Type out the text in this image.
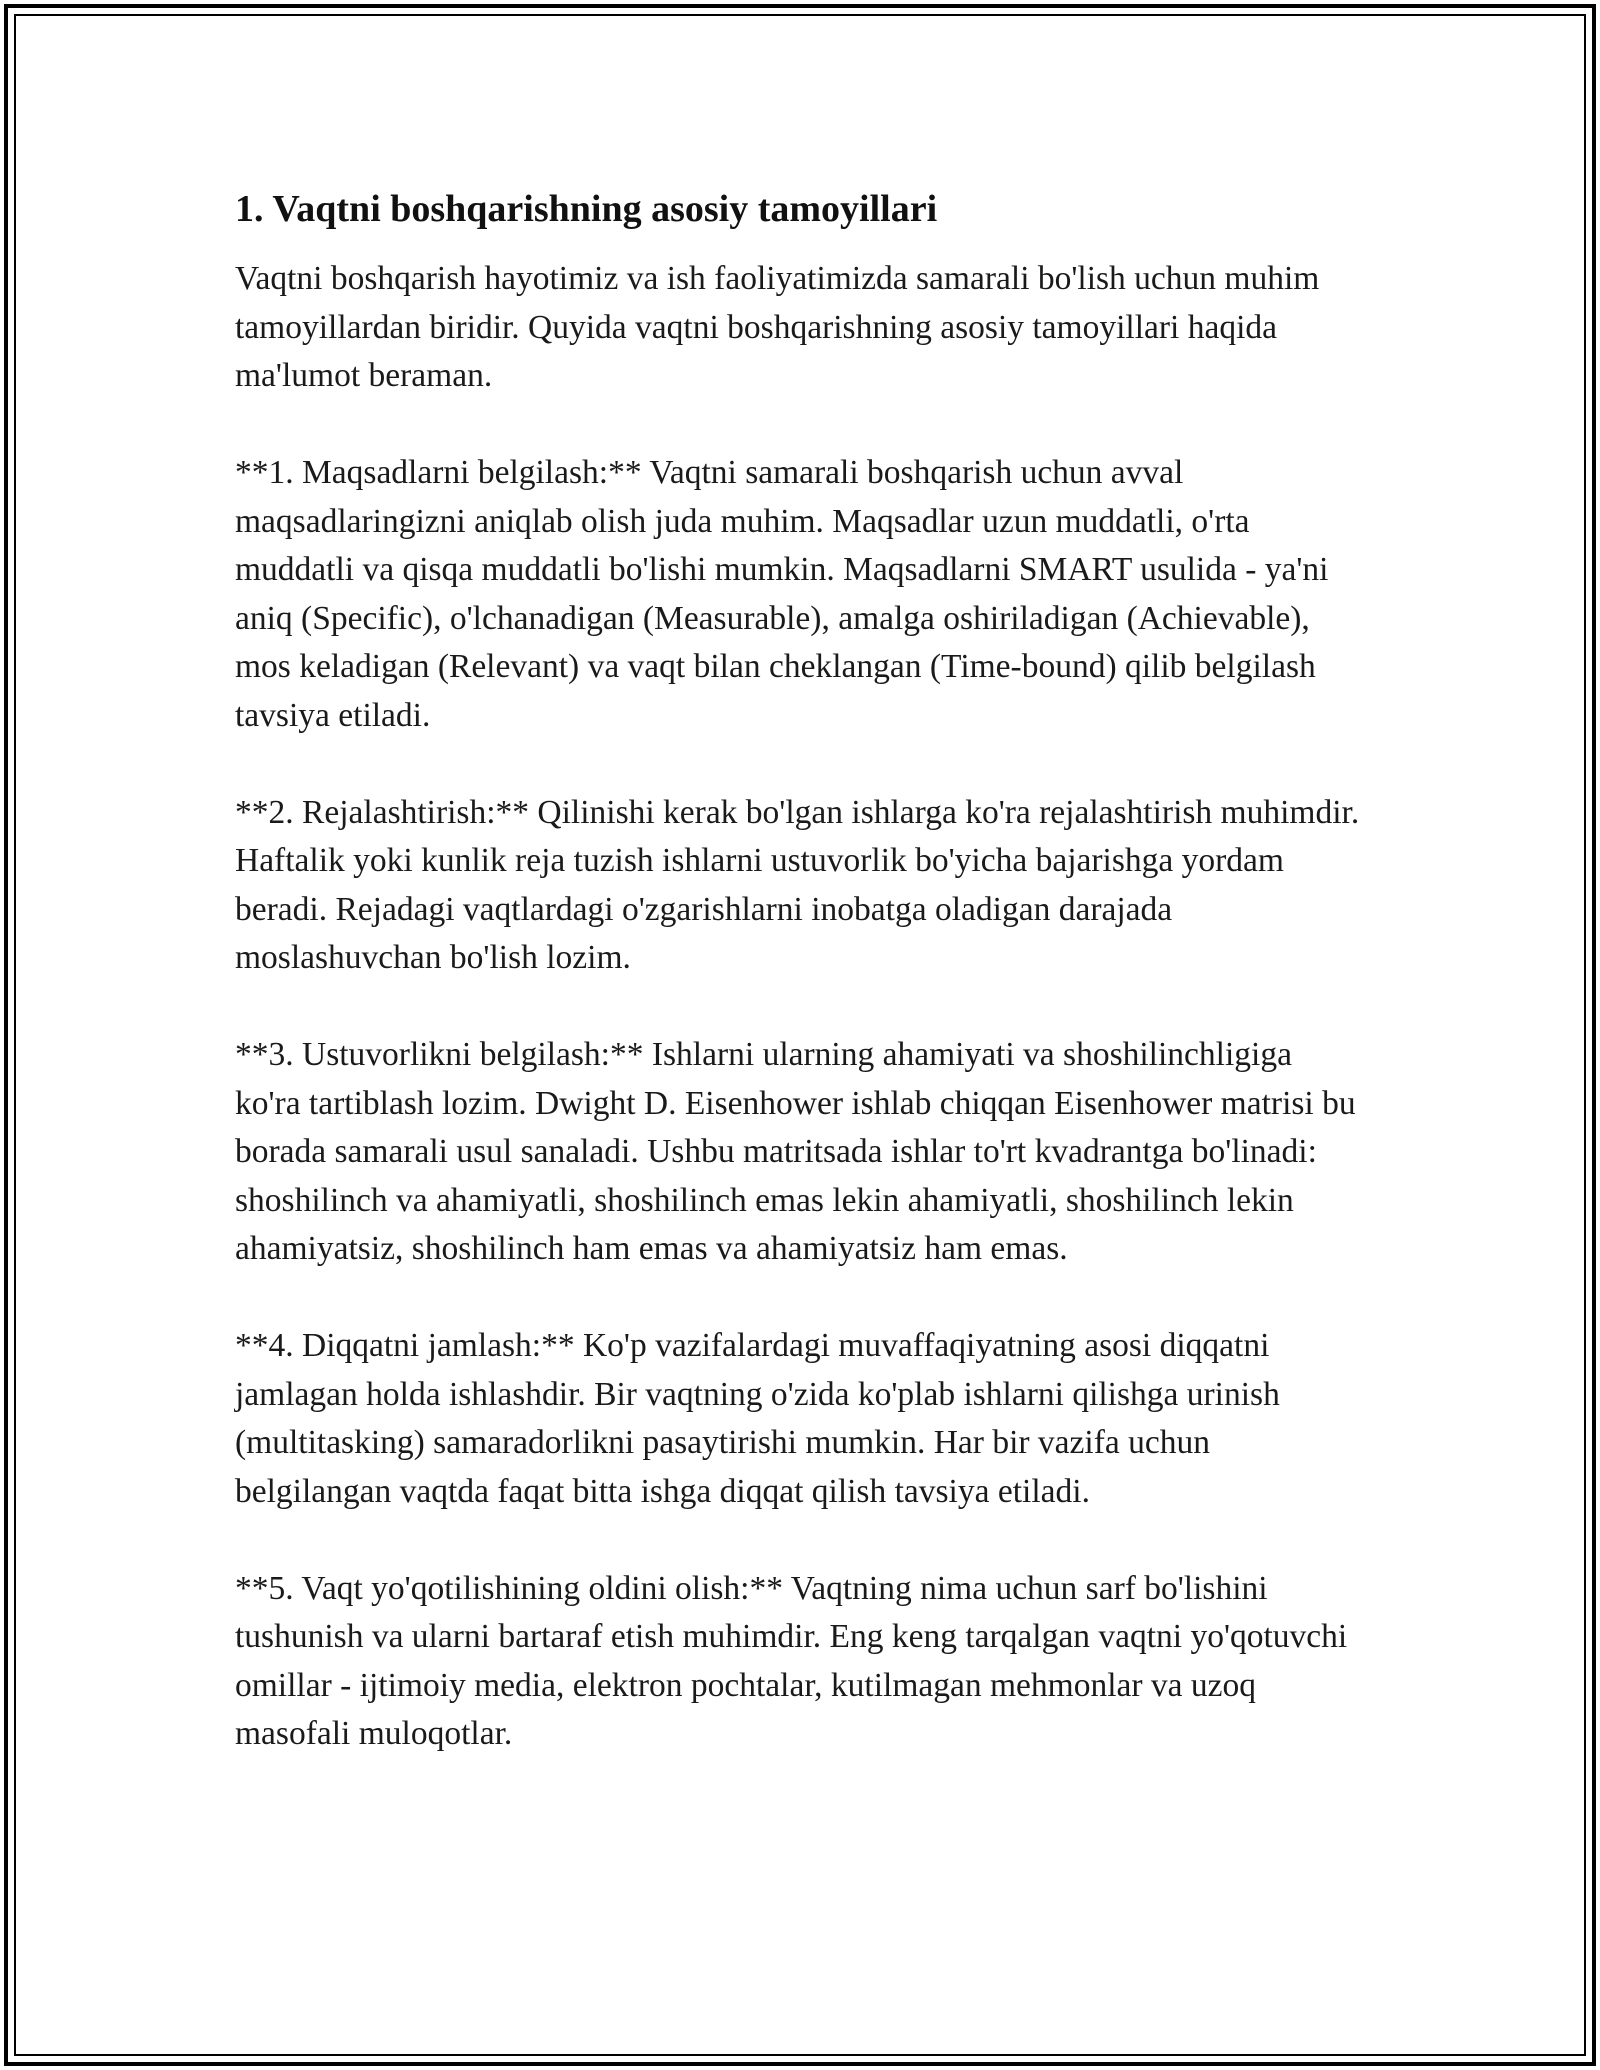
1. Vaqtni boshqarishning asosiy tamoyillari

Vaqtni boshqarish hayotimiz va ish faoliyatimizda samarali bo'lish uchun muhim tamoyillardan biridir. Quyida vaqtni boshqarishning asosiy tamoyillari haqida ma'lumot beraman.

**1. Maqsadlarni belgilash:** Vaqtni samarali boshqarish uchun avval maqsadlaringizni aniqlab olish juda muhim. Maqsadlar uzun muddatli, o'rta muddatli va qisqa muddatli bo'lishi mumkin. Maqsadlarni SMART usulida - ya'ni aniq (Specific), o'lchanadigan (Measurable), amalga oshiriladigan (Achievable), mos keladigan (Relevant) va vaqt bilan cheklangan (Time-bound) qilib belgilash tavsiya etiladi.

**2. Rejalashtirish:** Qilinishi kerak bo'lgan ishlarga ko'ra rejalashtirish muhimdir. Haftalik yoki kunlik reja tuzish ishlarni ustuvorlik bo'yicha bajarishga yordam beradi. Rejadagi vaqtlardagi o'zgarishlarni inobatga oladigan darajada moslashuvchan bo'lish lozim.

**3. Ustuvorlikni belgilash:** Ishlarni ularning ahamiyati va shoshilinchligiga ko'ra tartiblash lozim. Dwight D. Eisenhower ishlab chiqqan Eisenhower matrisi bu borada samarali usul sanaladi. Ushbu matritsada ishlar to'rt kvadrantga bo'linadi: shoshilinch va ahamiyatli, shoshilinch emas lekin ahamiyatli, shoshilinch lekin ahamiyatsiz, shoshilinch ham emas va ahamiyatsiz ham emas.

**4. Diqqatni jamlash:** Ko'p vazifalardagi muvaffaqiyatning asosi diqqatni jamlagan holda ishlashdir. Bir vaqtning o'zida ko'plab ishlarni qilishga urinish (multitasking) samaradorlikni pasaytirishi mumkin. Har bir vazifa uchun belgilangan vaqtda faqat bitta ishga diqqat qilish tavsiya etiladi.

**5. Vaqt yo'qotilishining oldini olish:** Vaqtning nima uchun sarf bo'lishini tushunish va ularni bartaraf etish muhimdir. Eng keng tarqalgan vaqtni yo'qotuvchi omillar - ijtimoiy media, elektron pochtalar, kutilmagan mehmonlar va uzoq masofali muloqotlar.
